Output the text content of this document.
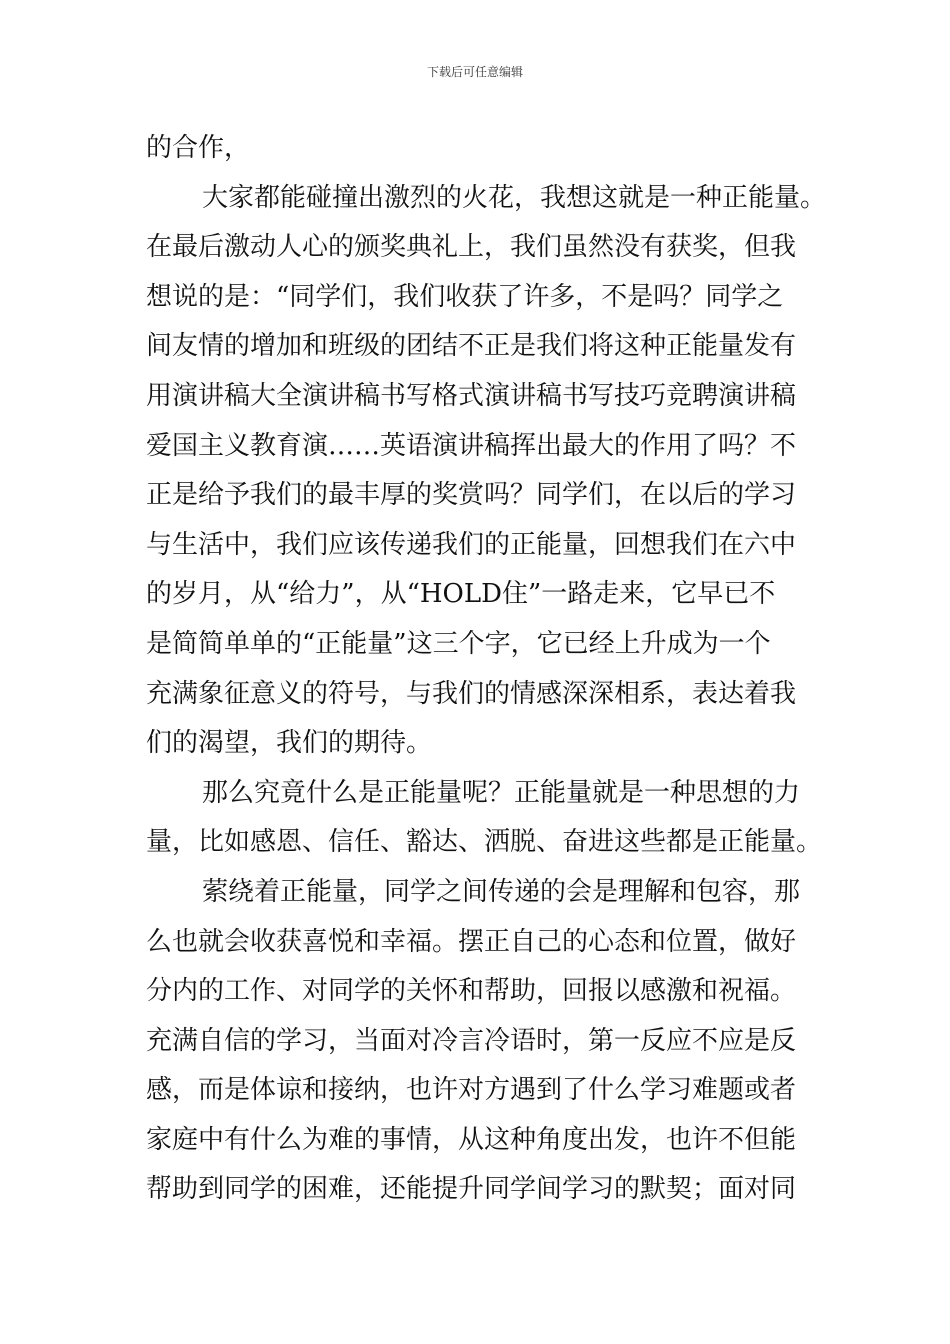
下载后可任意编辑
的合作，
大家都能碰撞出激烈的火花，我想这就是一种正能量。
在最后激动人心的颁奖典礼上，我们虽然没有获奖，但我
想说的是：“同学们，我们收获了许多，不是吗？同学之
间友情的增加和班级的团结不正是我们将这种正能量发有
用演讲稿大全演讲稿书写格式演讲稿书写技巧竞聘演讲稿
爱国主义教育演……英语演讲稿挥出最大的作用了吗？不
正是给予我们的最丰厚的奖赏吗？同学们，在以后的学习
与生活中，我们应该传递我们的正能量，回想我们在六中
的岁月，从“给力”，从“HOLD住”一路走来，它早已不
是简简单单的“正能量”这三个字，它已经上升成为一个
充满象征意义的符号，与我们的情感深深相系，表达着我
们的渴望，我们的期待。
那么究竟什么是正能量呢？正能量就是一种思想的力
量，比如感恩、信任、豁达、洒脱、奋进这些都是正能量。
萦绕着正能量，同学之间传递的会是理解和包容，那
么也就会收获喜悦和幸福。摆正自己的心态和位置，做好
分内的工作、对同学的关怀和帮助，回报以感激和祝福。
充满自信的学习，当面对冷言冷语时，第一反应不应是反
感，而是体谅和接纳，也许对方遇到了什么学习难题或者
家庭中有什么为难的事情，从这种角度出发，也许不但能
帮助到同学的困难，还能提升同学间学习的默契；面对同
